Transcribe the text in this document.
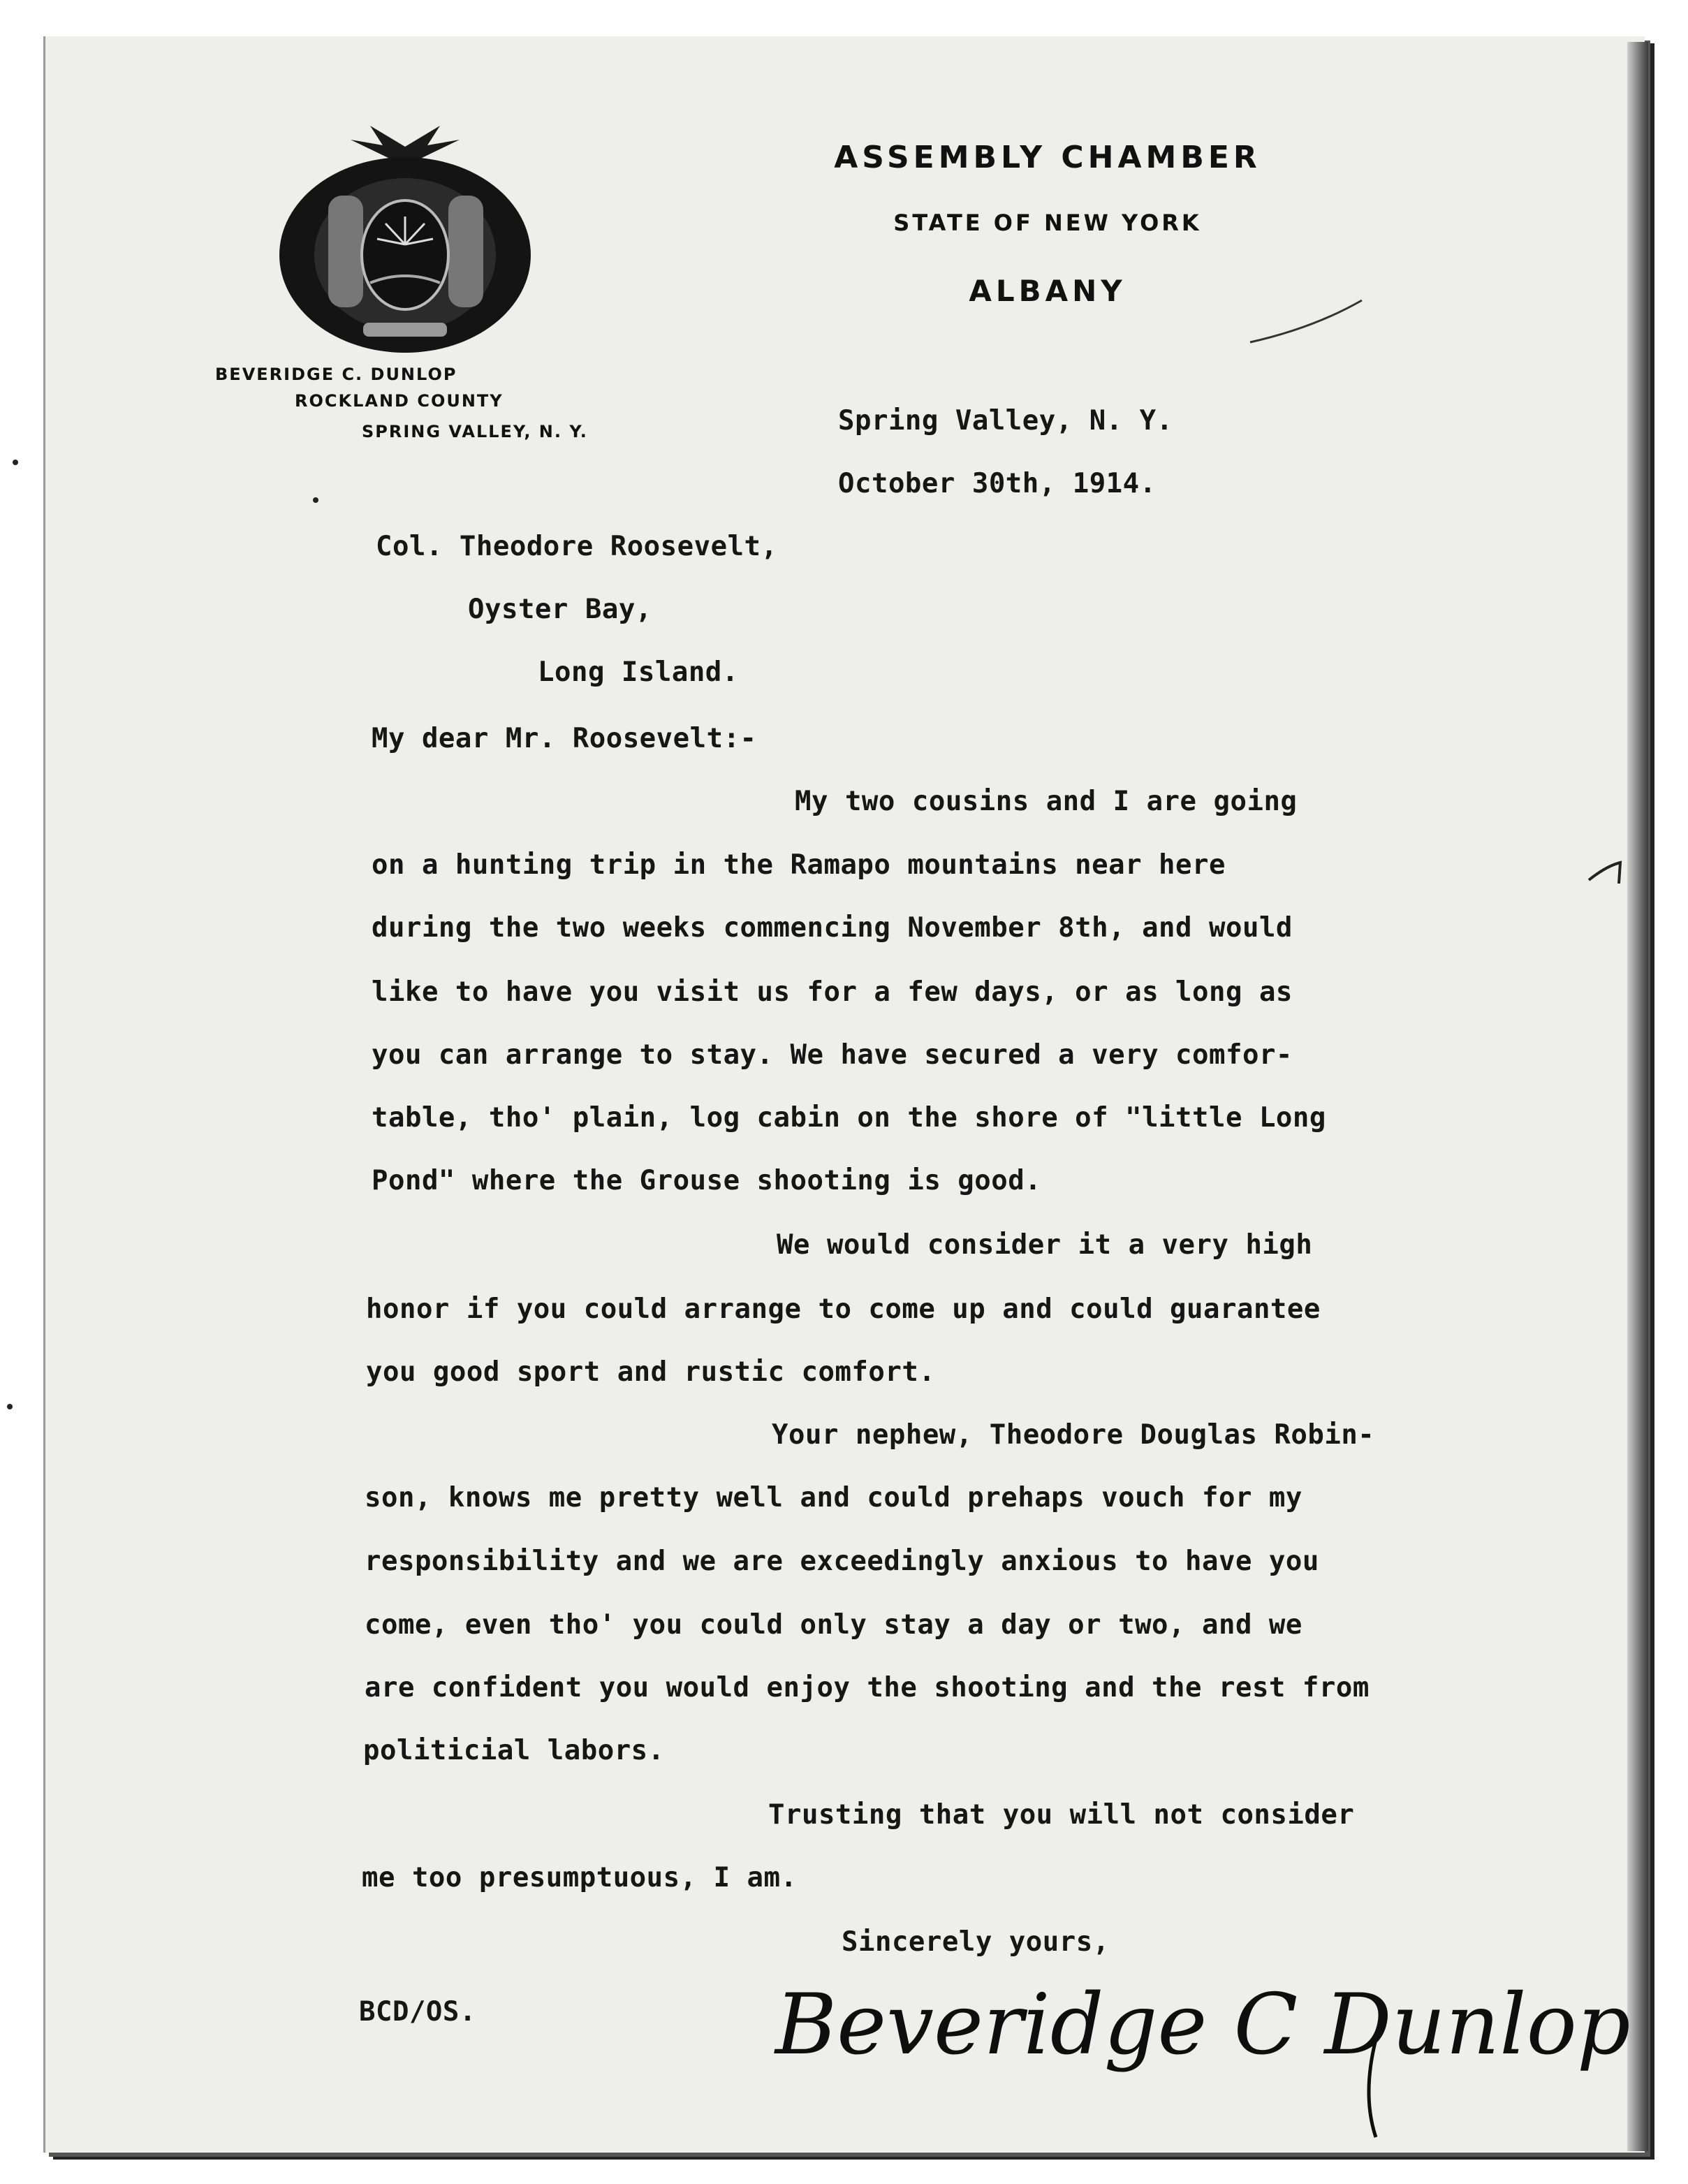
ASSEMBLY CHAMBER
STATE OF NEW YORK
ALBANY
BEVERIDGE C. DUNLOP
ROCKLAND COUNTY
SPRING VALLEY, N. Y.	Spring Valley, N. Y.
October 30th, 1914.
Col. Theodore Roosevelt,
Oyster Bay,
Long Island.
My dear Mr. Roosevelt:-
My two cousins and I are going
on a hunting trip in the Ramapo mountains near here
during the two weeks commencing November 8th, and would
like to have you visit us for a few days, or as long as
you can arrange to stay. We have secured a very comfor-
table, tho' plain, log cabin on the shore of "little Long
Pond" where the Grouse shooting is good.
We would consider it a very high
honor if you could arrange to come up and could guarantee
you good sport and rustic comfort.
Your nephew, Theodore Douglas Robin-
son, knows me pretty well and could prehaps vouch for my
responsibility and we are exceedingly anxious to have you
come, even tho' you could only stay a day or two, and we
are confident you would enjoy the shooting and the rest from
politicial labors.
Trusting that you will not consider
me too presumptuous, I am.
Sincerely yours,
BCD/OS.	Beveridge C Dunlop
